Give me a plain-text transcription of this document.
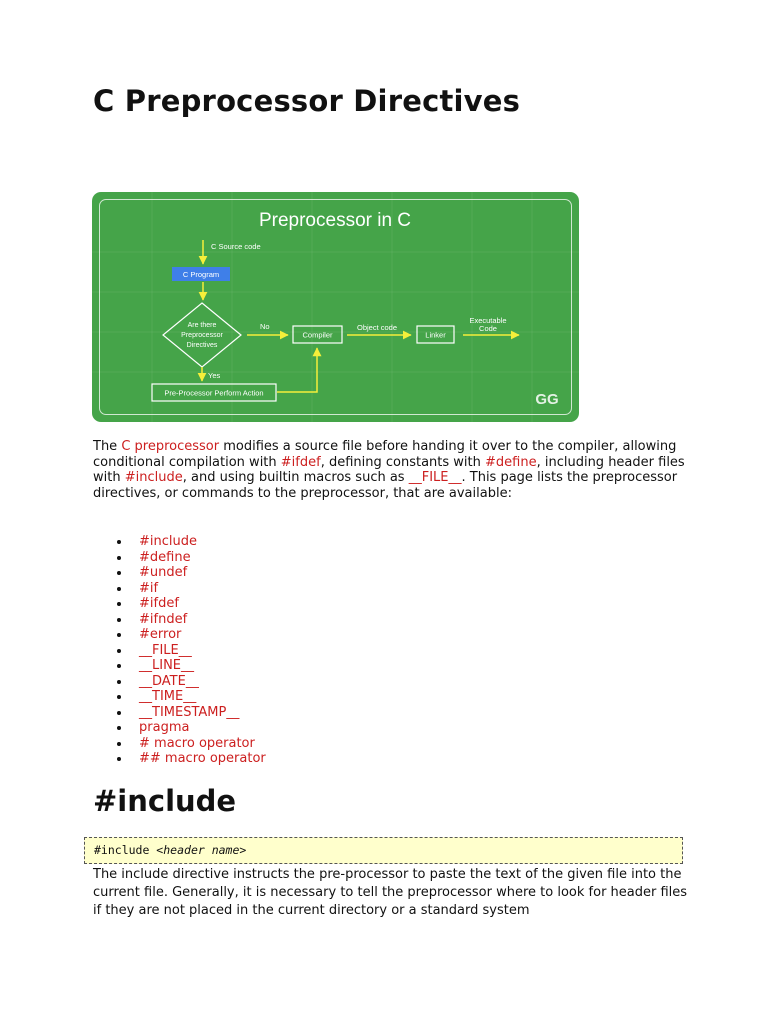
C Preprocessor Directives
Preprocessor in C
C Source code
C Program
Are there
Preprocessor
Directives
No
Compiler
Object code
Linker
Executable
Code
Yes
Pre-Processor Perform Action	GG

The C preprocessor modifies a source file before handing it over to the compiler, allowing conditional compilation with #ifdef, defining constants with #define, including header files with #include, and using builtin macros such as __FILE__. This page lists the preprocessor directives, or commands to the preprocessor, that are available:

#include
#define
#undef
#if
#ifdef
#ifndef
#error
__FILE__
__LINE__
__DATE__
__TIME__
__TIMESTAMP__
pragma
# macro operator
## macro operator
#include
#include <header name>

The include directive instructs the pre-processor to paste the text of the given file into the current file. Generally, it is necessary to tell the preprocessor where to look for header files if they are not placed in the current directory or a standard system
